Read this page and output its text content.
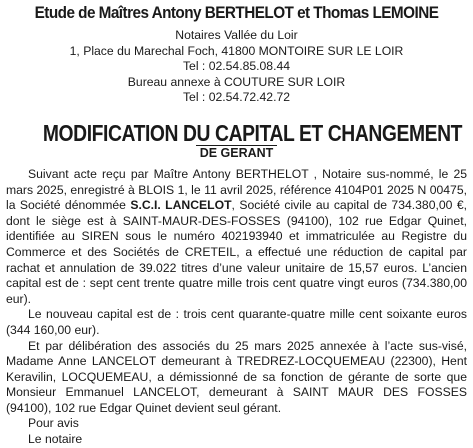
Etude de Maîtres Antony BERTHELOT et Thomas LEMOINE
Notaires Vallée du Loir
1, Place du Marechal Foch, 41800 MONTOIRE SUR LE LOIR
Tel : 02.54.85.08.44
Bureau annexe à COUTURE SUR LOIR
Tel : 02.54.72.42.72
MODIFICATION DU CAPITAL ET CHANGEMENT
DE GERANT

Suivant acte reçu par Maître Antony BERTHELOT , Notaire sus-nommé, le 25 mars 2025, enregistré à BLOIS 1, le 11 avril 2025, référence 4104P01 2025 N 00475, la Société dénommée S.C.I. LANCELOT, Société civile au capital de 734.380,00 €, dont le siège est à SAINT-MAUR-DES-FOSSES (94100), 102 rue Edgar Quinet, identifiée au SIREN sous le numéro 402193940 et immatriculée au Registre du Commerce et des Sociétés de CRETEIL, a effectué une réduction de capital par rachat et annulation de 39.022 titres d’une valeur unitaire de 15,57 euros. L’ancien capital est de : sept cent trente quatre mille trois cent quatre vingt euros (734.380,00 eur).

Le nouveau capital est de : trois cent quarante-quatre mille cent soixante euros (344 160,00 eur).

Et par délibération des associés du 25 mars 2025 annexée à l’acte sus-visé, Madame Anne LANCELOT demeurant à TREDREZ-LOCQUEMEAU (22300), Hent Keravilin, LOCQUEMEAU, a démissionné de sa fonction de gérante de sorte que Monsieur Emmanuel LANCELOT, demeurant à SAINT MAUR DES FOSSES (94100), 102 rue Edgar Quinet devient seul gérant.

Pour avis

Le notaire
